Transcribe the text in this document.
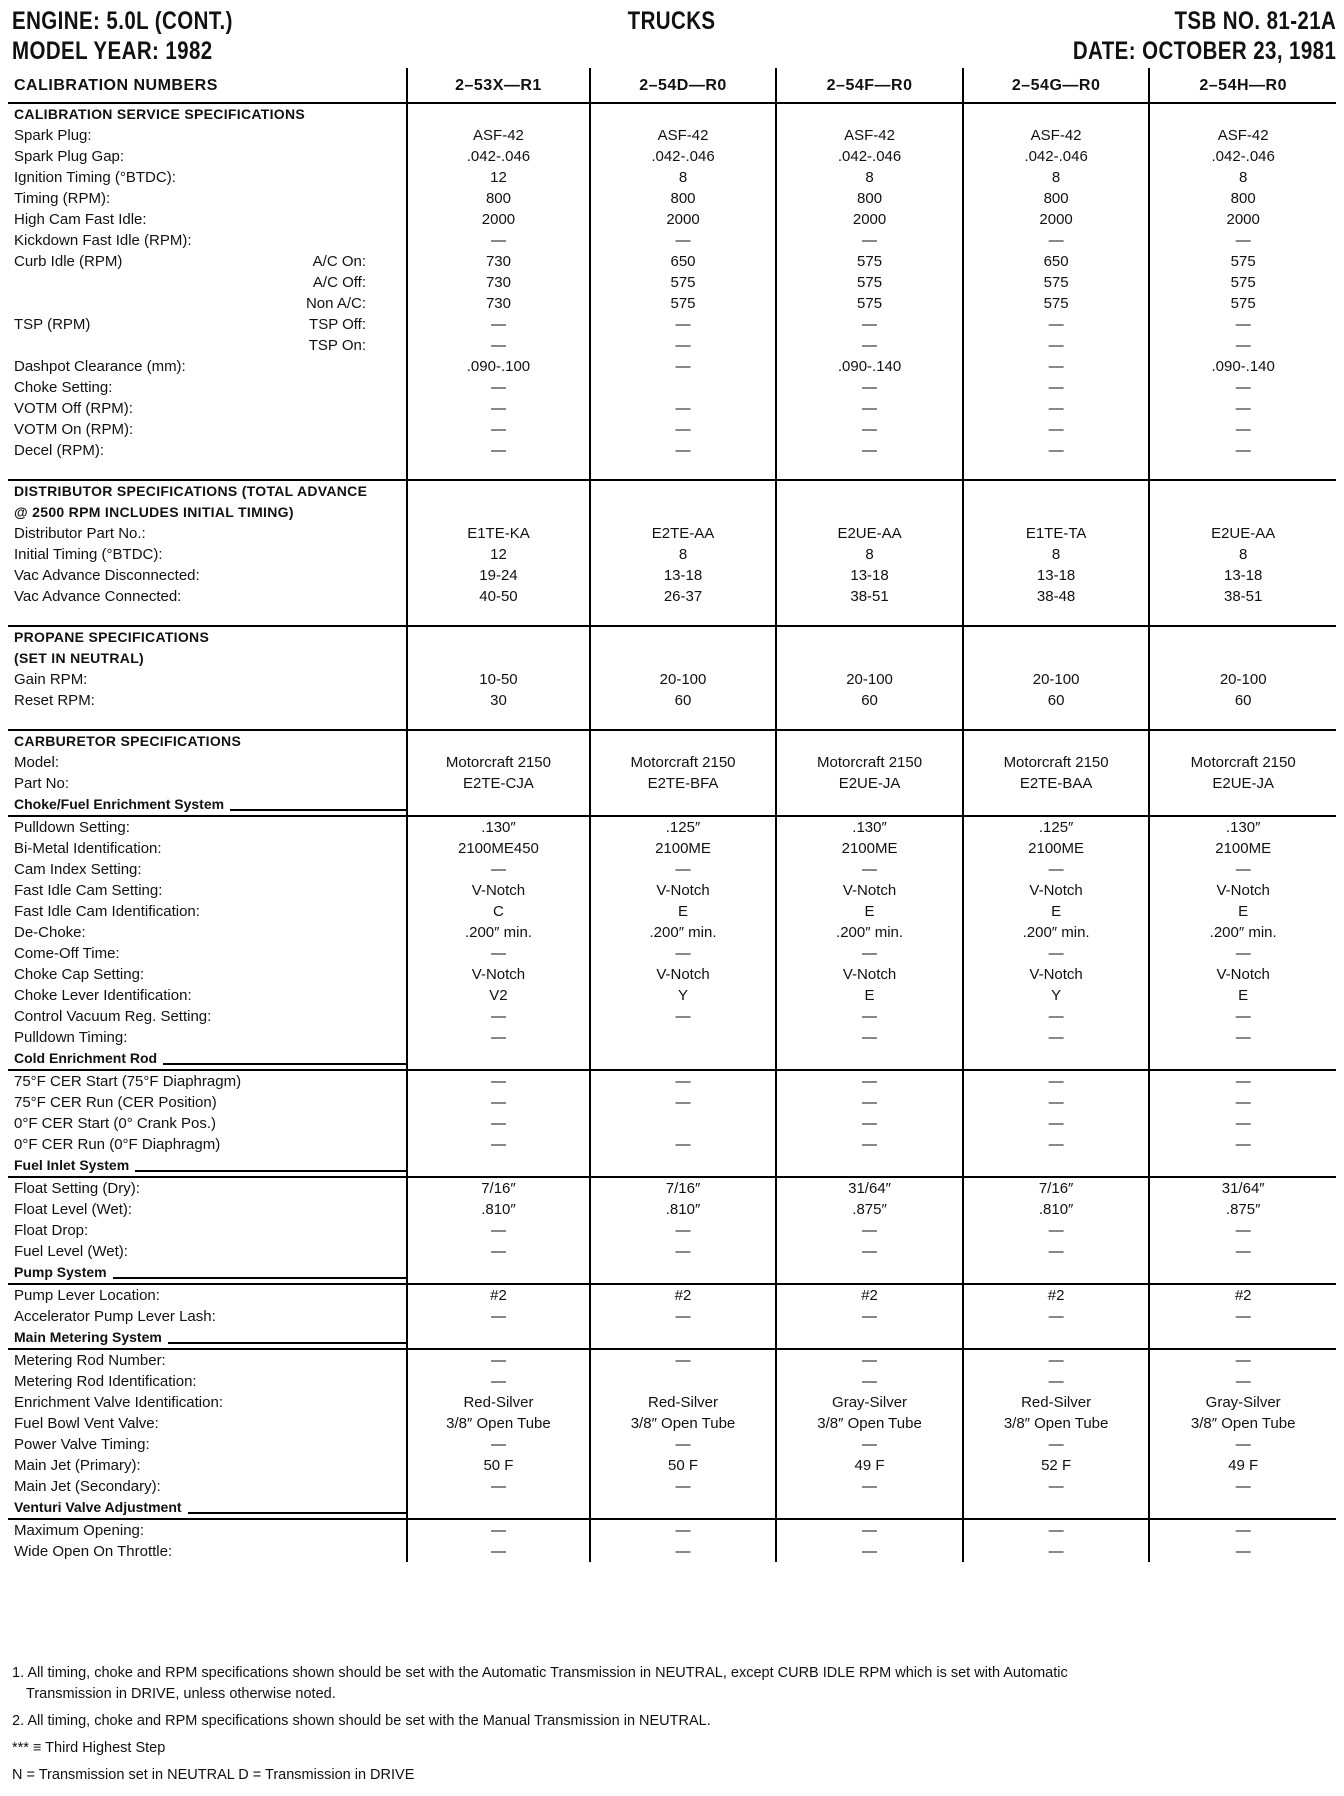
ENGINE: 5.0L (CONT.)
MODEL YEAR: 1982
TRUCKS	TSB NO. 81-21A
DATE: OCTOBER 23, 1981
CALIBRATION NUMBERS	2–53X—R1	2–54D—R0	2–54F—R0	2–54G—R0	2–54H—R0
CALIBRATION SERVICE SPECIFICATIONS					
Spark Plug:	ASF-42	ASF-42	ASF-42	ASF-42	ASF-42
Spark Plug Gap:	.042-.046	.042-.046	.042-.046	.042-.046	.042-.046
Ignition Timing (°BTDC):	12	8	8	8	8
Timing (RPM):	800	800	800	800	800
High Cam Fast Idle:	2000	2000	2000	2000	2000
Kickdown Fast Idle (RPM):	—	—	—	—	—
Curb Idle (RPM) A/C On:	730	650	575	650	575

A/C Off:	730	575	575	575	575

Non A/C:	730	575	575	575	575
TSP (RPM) TSP Off:	—	—	—	—	—

TSP On:	—	—	—	—	—
Dashpot Clearance (mm):	.090-.100	—	.090-.140	—	.090-.140
Choke Setting:	—		—	—	—
VOTM Off (RPM):	—	—	—	—	—
VOTM On (RPM):	—	—	—	—	—
Decel (RPM):	—	—	—	—	—

DISTRIBUTOR SPECIFICATIONS (TOTAL ADVANCE					
@ 2500 RPM INCLUDES INITIAL TIMING)					
Distributor Part No.:	E1TE-KA	E2TE-AA	E2UE-AA	E1TE-TA	E2UE-AA
Initial Timing (°BTDC):	12	8	8	8	8
Vac Advance Disconnected:	19-24	13-18	13-18	13-18	13-18
Vac Advance Connected:	40-50	26-37	38-51	38-48	38-51

PROPANE SPECIFICATIONS					
(SET IN NEUTRAL)					
Gain RPM:	10-50	20-100	20-100	20-100	20-100
Reset RPM:	30	60	60	60	60

CARBURETOR SPECIFICATIONS					
Model:	Motorcraft 2150	Motorcraft 2150	Motorcraft 2150	Motorcraft 2150	Motorcraft 2150
Part No:	E2TE-CJA	E2TE-BFA	E2UE-JA	E2TE-BAA	E2UE-JA

Choke/Fuel Enrichment System					
Pulldown Setting:	.130″	.125″	.130″	.125″	.130″
Bi-Metal Identification:	2100ME450	2100ME	2100ME	2100ME	2100ME
Cam Index Setting:	—	—	—	—	—
Fast Idle Cam Setting:	V-Notch	V-Notch	V-Notch	V-Notch	V-Notch
Fast Idle Cam Identification:	C	E	E	E	E
De-Choke:	.200″ min.	.200″ min.	.200″ min.	.200″ min.	.200″ min.
Come-Off Time:	—	—	—	—	—
Choke Cap Setting:	V-Notch	V-Notch	V-Notch	V-Notch	V-Notch
Choke Lever Identification:	V2	Y	E	Y	E
Control Vacuum Reg. Setting:	—	—	—	—	—
Pulldown Timing:	—		—	—	—

Cold Enrichment Rod					
75°F CER Start (75°F Diaphragm)	—	—	—	—	—
75°F CER Run (CER Position)	—	—	—	—	—
0°F CER Start (0° Crank Pos.)	—		—	—	—
0°F CER Run (0°F Diaphragm)	—	—	—	—	—

Fuel Inlet System					
Float Setting (Dry):	7/16″	7/16″	31/64″	7/16″	31/64″
Float Level (Wet):	.810″	.810″	.875″	.810″	.875″
Float Drop:	—	—	—	—	—
Fuel Level (Wet):	—	—	—	—	—

Pump System					
Pump Lever Location:	#2	#2	#2	#2	#2
Accelerator Pump Lever Lash:	—	—	—	—	—

Main Metering System					
Metering Rod Number:	—	—	—	—	—
Metering Rod Identification:	—		—	—	—
Enrichment Valve Identification:	Red-Silver	Red-Silver	Gray-Silver	Red-Silver	Gray-Silver
Fuel Bowl Vent Valve:	3/8″ Open Tube	3/8″ Open Tube	3/8″ Open Tube	3/8″ Open Tube	3/8″ Open Tube
Power Valve Timing:	—	—	—	—	—
Main Jet (Primary):	50 F	50 F	49 F	52 F	49 F
Main Jet (Secondary):	—	—	—	—	—

Venturi Valve Adjustment					
Maximum Opening:	—	—	—	—	—
Wide Open On Throttle:	—	—	—	—	—

1. All timing, choke and RPM specifications shown should be set with the Automatic Transmission in NEUTRAL, except CURB IDLE RPM which is set with Automatic
Transmission in DRIVE, unless otherwise noted.

2. All timing, choke and RPM specifications shown should be set with the Manual Transmission in NEUTRAL.

*** ≡ Third Highest Step

N = Transmission set in NEUTRAL D = Transmission in DRIVE
